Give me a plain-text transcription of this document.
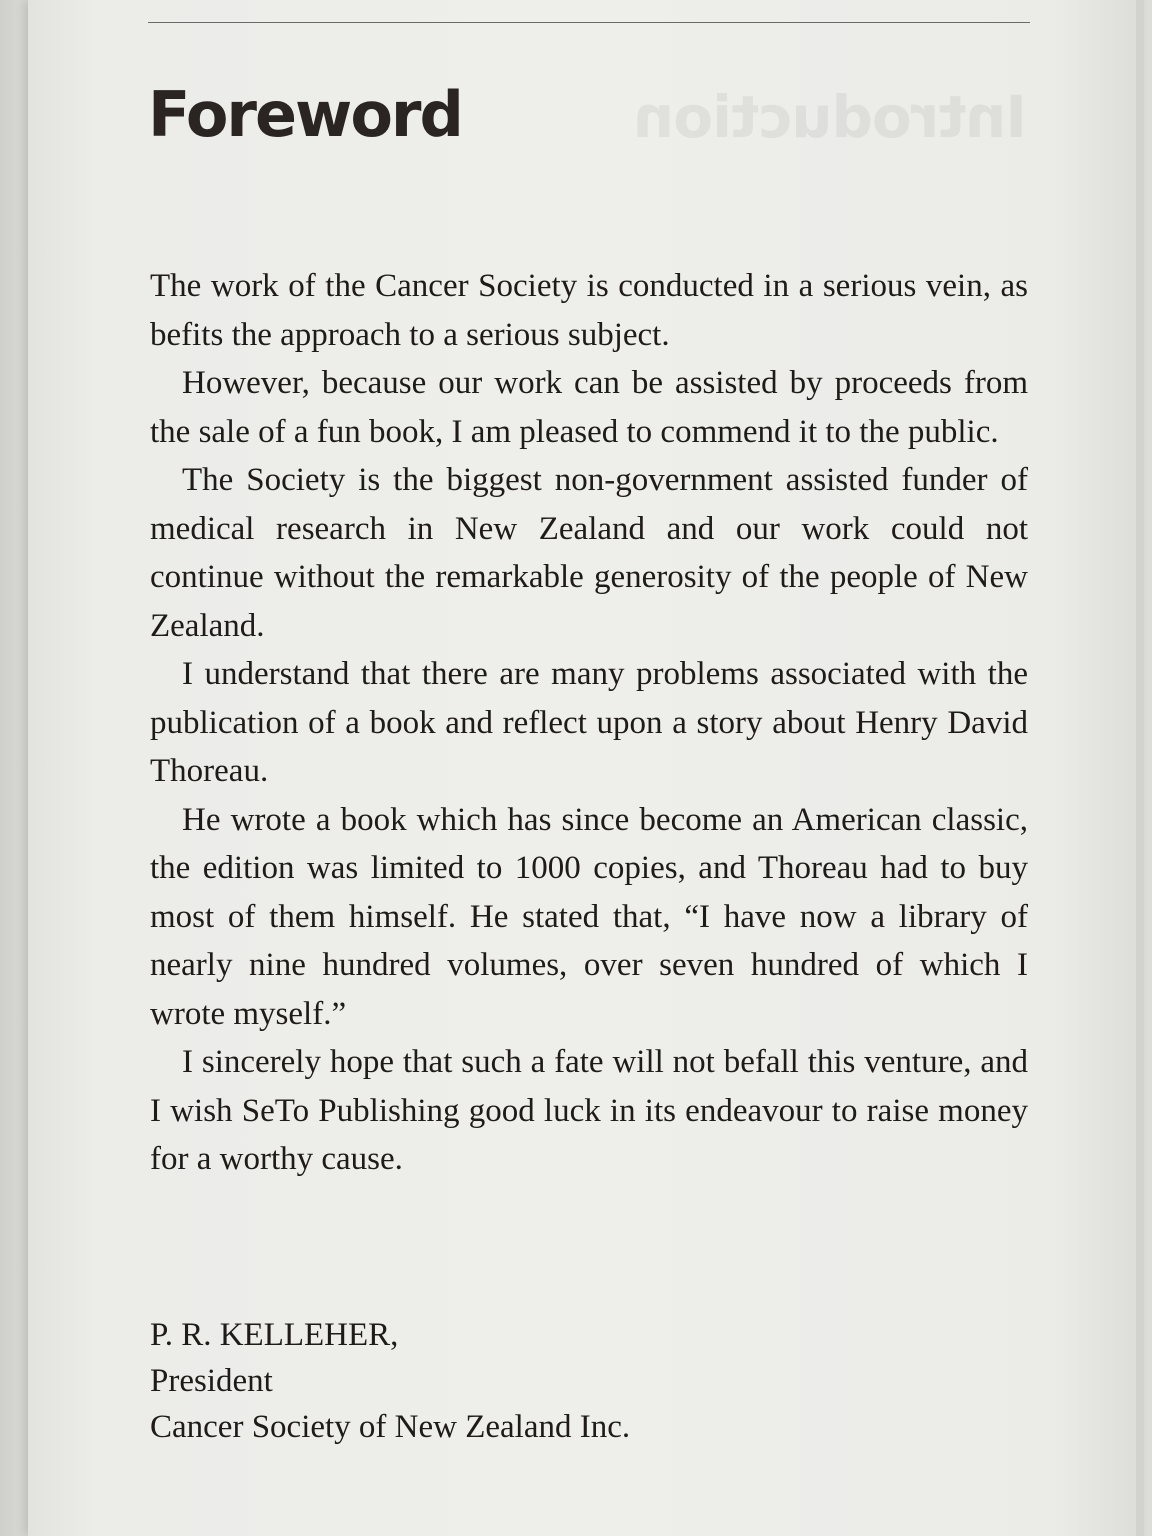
Introduction
Foreword

The work of the Cancer Society is conducted in a serious vein, as befits the approach to a serious subject.

However, because our work can be assisted by proceeds from the sale of a fun book, I am pleased to commend it to the public.

The Society is the biggest non-government assisted funder of medical research in New Zealand and our work could not continue without the remarkable generosity of the people of New Zealand.

I understand that there are many problems associated with the publication of a book and reflect upon a story about Henry David Thoreau.

He wrote a book which has since become an American classic, the edition was limited to 1000 copies, and Thoreau had to buy most of them himself. He stated that, “I have now a library of nearly nine hundred volumes, over seven hundred of which I wrote myself.”

I sincerely hope that such a fate will not befall this venture, and I wish SeTo Publishing good luck in its endeavour to raise money for a worthy cause.

P. R. KELLEHER,
President
Cancer Society of New Zealand Inc.
